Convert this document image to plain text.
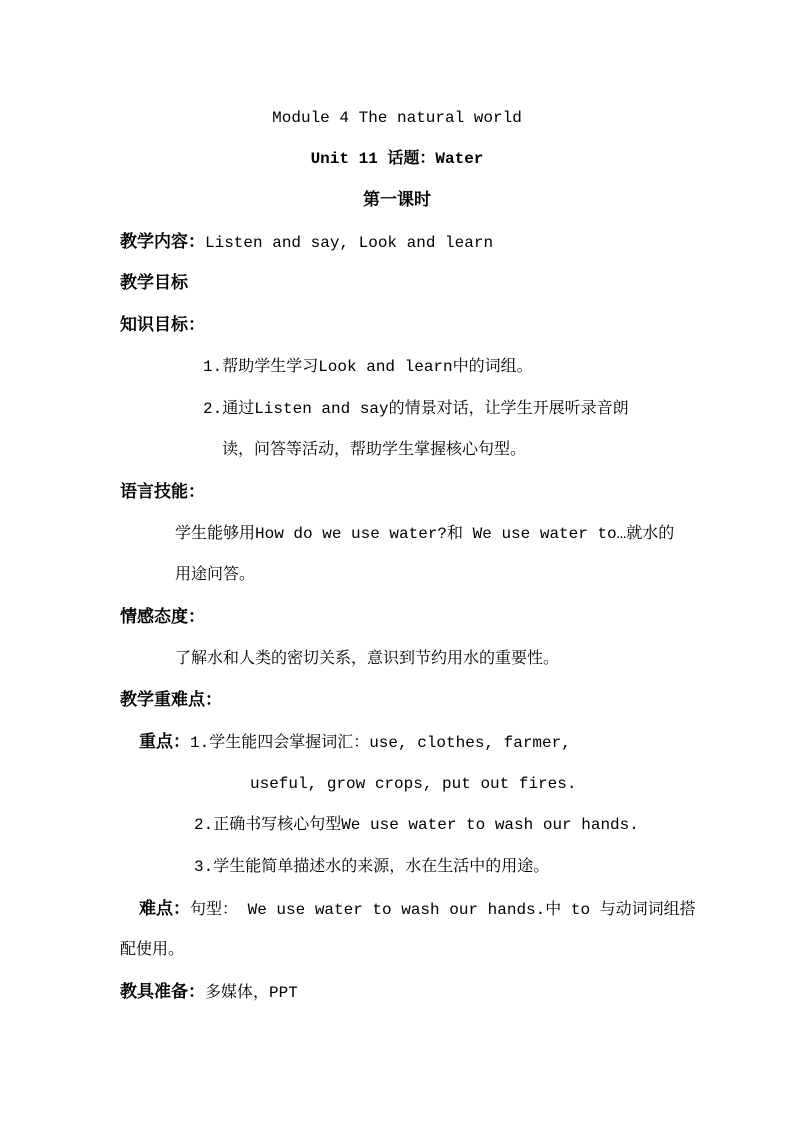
Module 4 The natural world
Unit 11 话题：Water
第一课时
教学内容：Listen and say, Look and learn
教学目标
知识目标：
1.帮助学生学习Look and learn中的词组。
2.通过Listen and say的情景对话，让学生开展听录音朗
读，问答等活动，帮助学生掌握核心句型。
语言技能：
学生能够用How do we use water?和 We use water to…就水的
用途问答。
情感态度：
了解水和人类的密切关系，意识到节约用水的重要性。
教学重难点：
重点：1.学生能四会掌握词汇：use, clothes, farmer,
useful, grow crops, put out fires.
2.正确书写核心句型We use water to wash our hands.
3.学生能简单描述水的来源，水在生活中的用途。
难点：句型： We use water to wash our hands.中 to 与动词词组搭
配使用。
教具准备：多媒体，PPT
